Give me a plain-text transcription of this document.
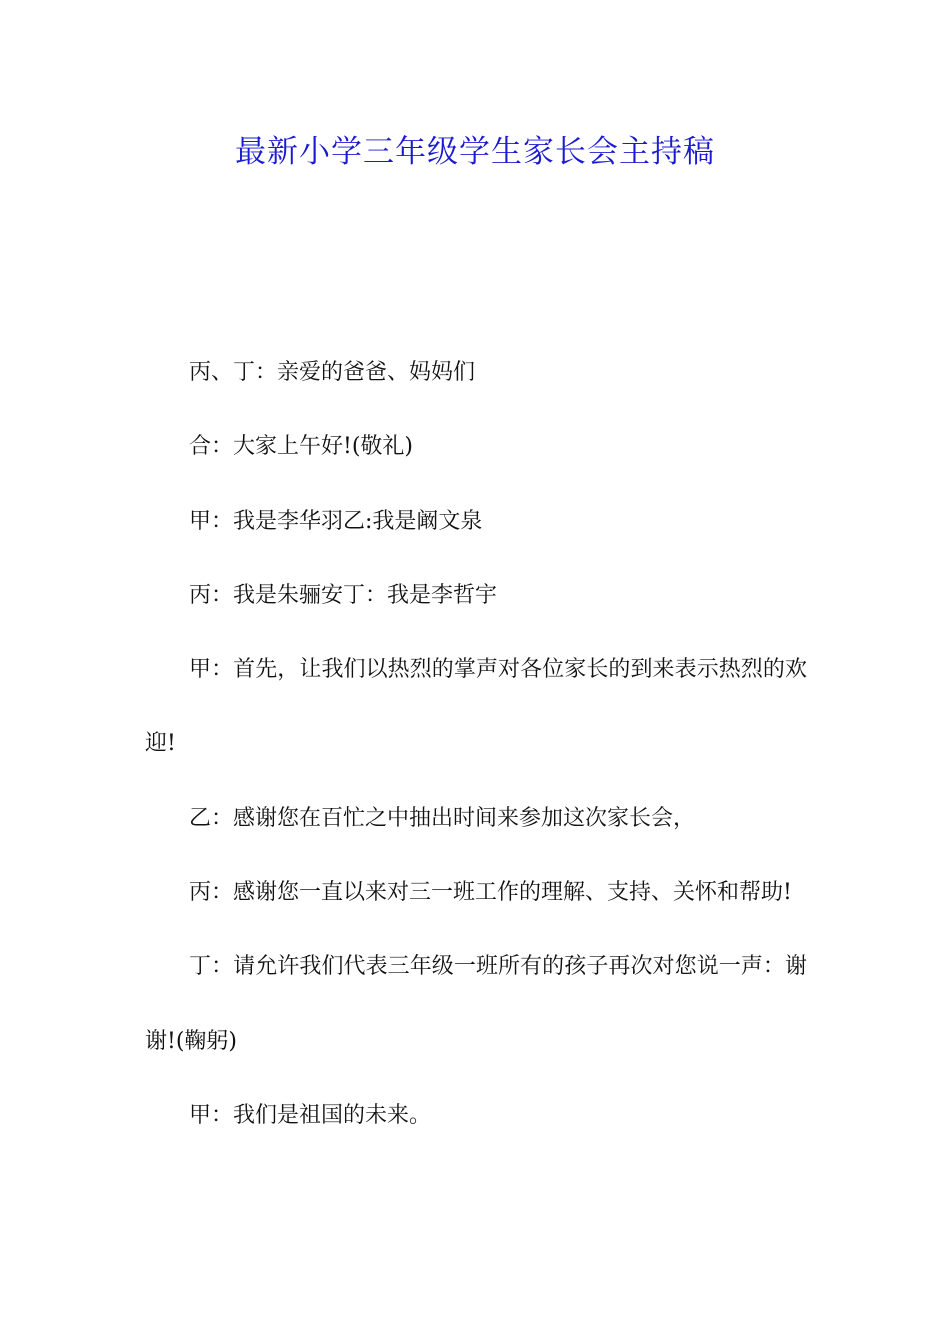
最新小学三年级学生家长会主持稿

丙、丁：亲爱的爸爸、妈妈们

合：大家上午好!(敬礼)

甲：我是李华羽乙:我是阚文泉

丙：我是朱骊安丁：我是李哲宇

甲：首先，让我们以热烈的掌声对各位家长的到来表示热烈的欢迎!

乙：感谢您在百忙之中抽出时间来参加这次家长会，

丙：感谢您一直以来对三一班工作的理解、支持、关怀和帮助!

丁：请允许我们代表三年级一班所有的孩子再次对您说一声：谢谢!(鞠躬)

甲：我们是祖国的未来。
